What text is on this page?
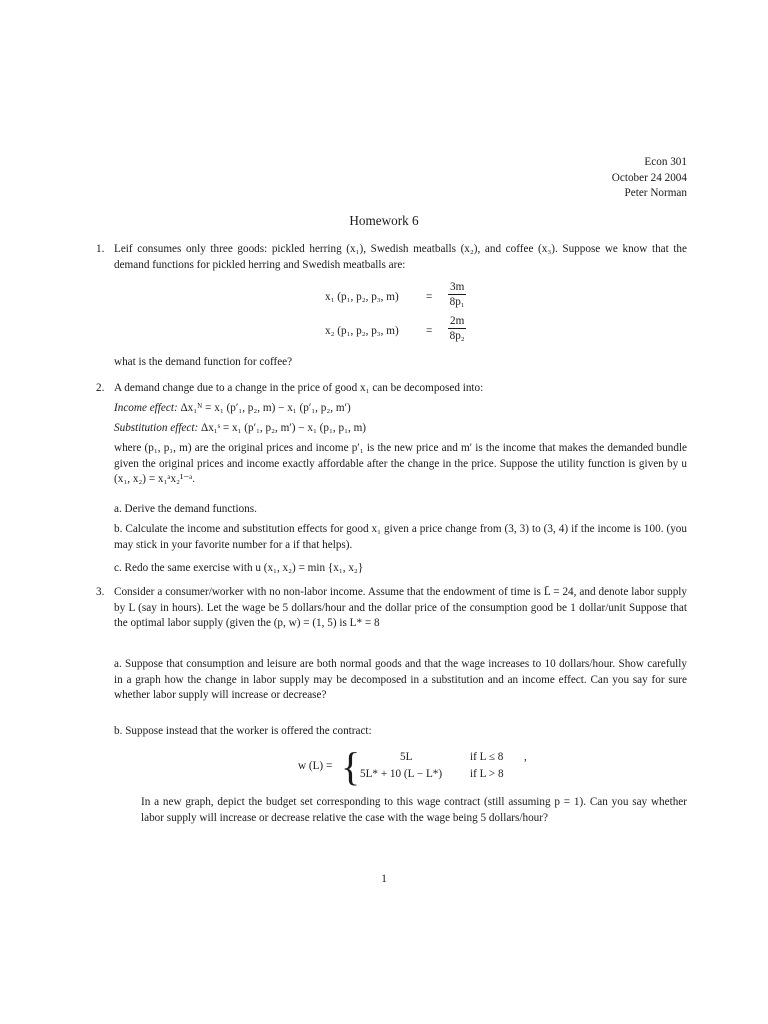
Econ 301
October 24 2004
Peter Norman
Homework 6
1. Leif consumes only three goods: pickled herring (x₁), Swedish meatballs (x₂), and coffee (x₃). Suppose we know that the demand functions for pickled herring and Swedish meatballs are:
x₁ (p₁, p₂, p₃, $m) = \frac{3m}{\text{8p₁}}$
x₂ (p₁, p₂, p₃, $m) = \frac{2m}{\text{8p₂}}$
what is the demand function for coffee?
2. A demand change due to a change in the price of good x₁ can be decomposed into:
Income effect: Δx₁ᴺ = x₁ (p′₁, p₂, m) − x₁ (p′₁, p₂, m′)
Substitution effect: Δx₁ˢ = x₁ (p′₁, p₂, m′) − x₁ (p₁, p₁, m)
where (p₁, p₁, m) are the original prices and income p′₁ is the new price and m′ is the income that makes the demanded bundle given the original prices and income exactly affordable after the change in the price. Suppose the utility function is given by u (x₁, x₂) = x₁ᵃx₂¹⁻ᵃ.
a. Derive the demand functions.
b. Calculate the income and substitution effects for good x₁ given a price change from (3, 3) to (3, 4) if the income is 100. (you may stick in your favorite number for a if that helps).
c. Redo the same exercise with u (x₁, x₂) = min {x₁, x₂}
3. Consider a consumer/worker with no non-labor income. Assume that the endowment of time is L̄ = 24, and denote labor supply by L (say in hours). Let the wage be 5 dollars/hour and the dollar price of the consumption good be 1 dollar/unit Suppose that the optimal labor supply (given the (p, w) = (1, 5) is L* = 8
a. Suppose that consumption and leisure are both normal goods and that the wage increases to 10 dollars/hour. Show carefully in a graph how the change in labor supply may be decomposed in a substitution and an income effect. Can you say for sure whether labor supply will increase or decrease?
b. Suppose instead that the worker is offered the contract:
w (L) = {	5L	if L ≤ 8 ,
5L* + 10 (L − L*) if L > 8
In a new graph, depict the budget set corresponding to this wage contract (still assuming p = 1). Can you say whether labor supply will increase or decrease relative the case with the wage being 5 dollars/hour?
1
